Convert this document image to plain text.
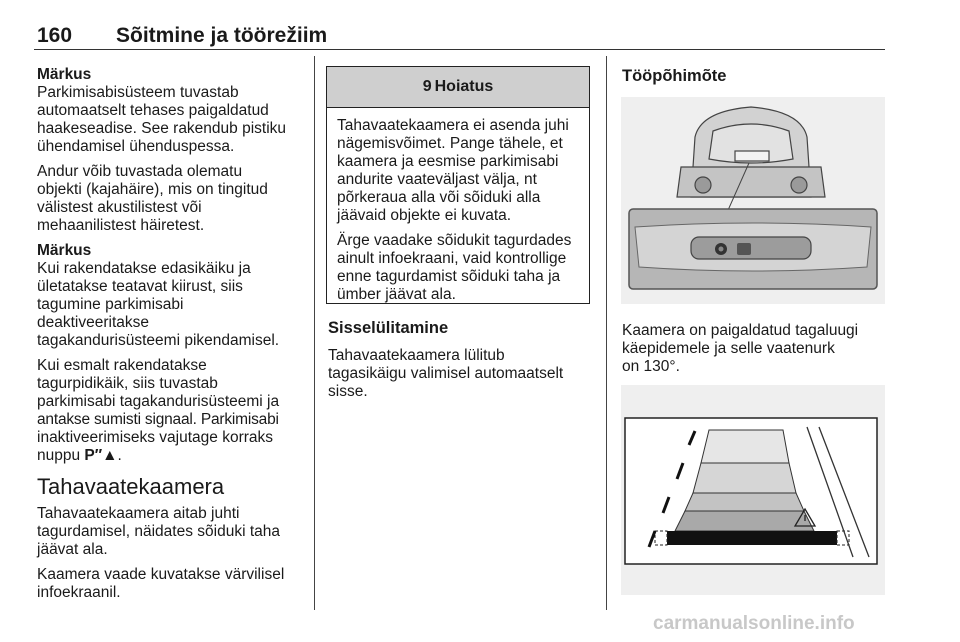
160 Sõitmine ja töörežiim

Märkus

Parkimisabisüsteem tuvastab
automaatselt tehases paigaldatud
haakeseadise. See rakendub pistiku
ühendamisel ühenduspessa.

Andur võib tuvastada olematu
objekti (kajahäire), mis on tingitud
välistest akustilistest või
mehaanilistest häiretest.

Märkus

Kui rakendatakse edasikäiku ja
ületatakse teatavat kiirust, siis
tagumine parkimisabi
deaktiveeritakse
tagakandurisüsteemi pikendamisel.

Kui esmalt rakendatakse
tagurpidikäik, siis tuvastab
parkimisabi tagakandurisüsteemi ja
antakse sumisti signaal. Parkimisabi
inaktiveerimiseks vajutage korraks
nuppu P″▲.

Tahavaatekaamera

Tahavaatekaamera aitab juhti
tagurdamisel, näidates sõiduki taha
jäävat ala.

Kaamera vaade kuvatakse värvilisel
infoekraanil.

9 Hoiatus

Tahavaatekaamera ei asenda juhi nägemisvõimet. Pange tähele, et kaamera ja eesmise parkimisabi andurite vaateväljast välja, nt põrkeraua alla või sõiduki alla jäävaid objekte ei kuvata.

Ärge vaadake sõidukit tagurdades ainult infoekraani, vaid kontrollige enne tagurdamist sõiduki taha ja ümber jäävat ala.

Sisselülitamine

Tahavaatekaamera lülitub
tagasikäigu valimisel automaatselt
sisse.

Tööpõhimõte

Kaamera on paigaldatud tagaluugi
käepidemele ja selle vaatenurk
on 130°.

carmanualsonline.info
